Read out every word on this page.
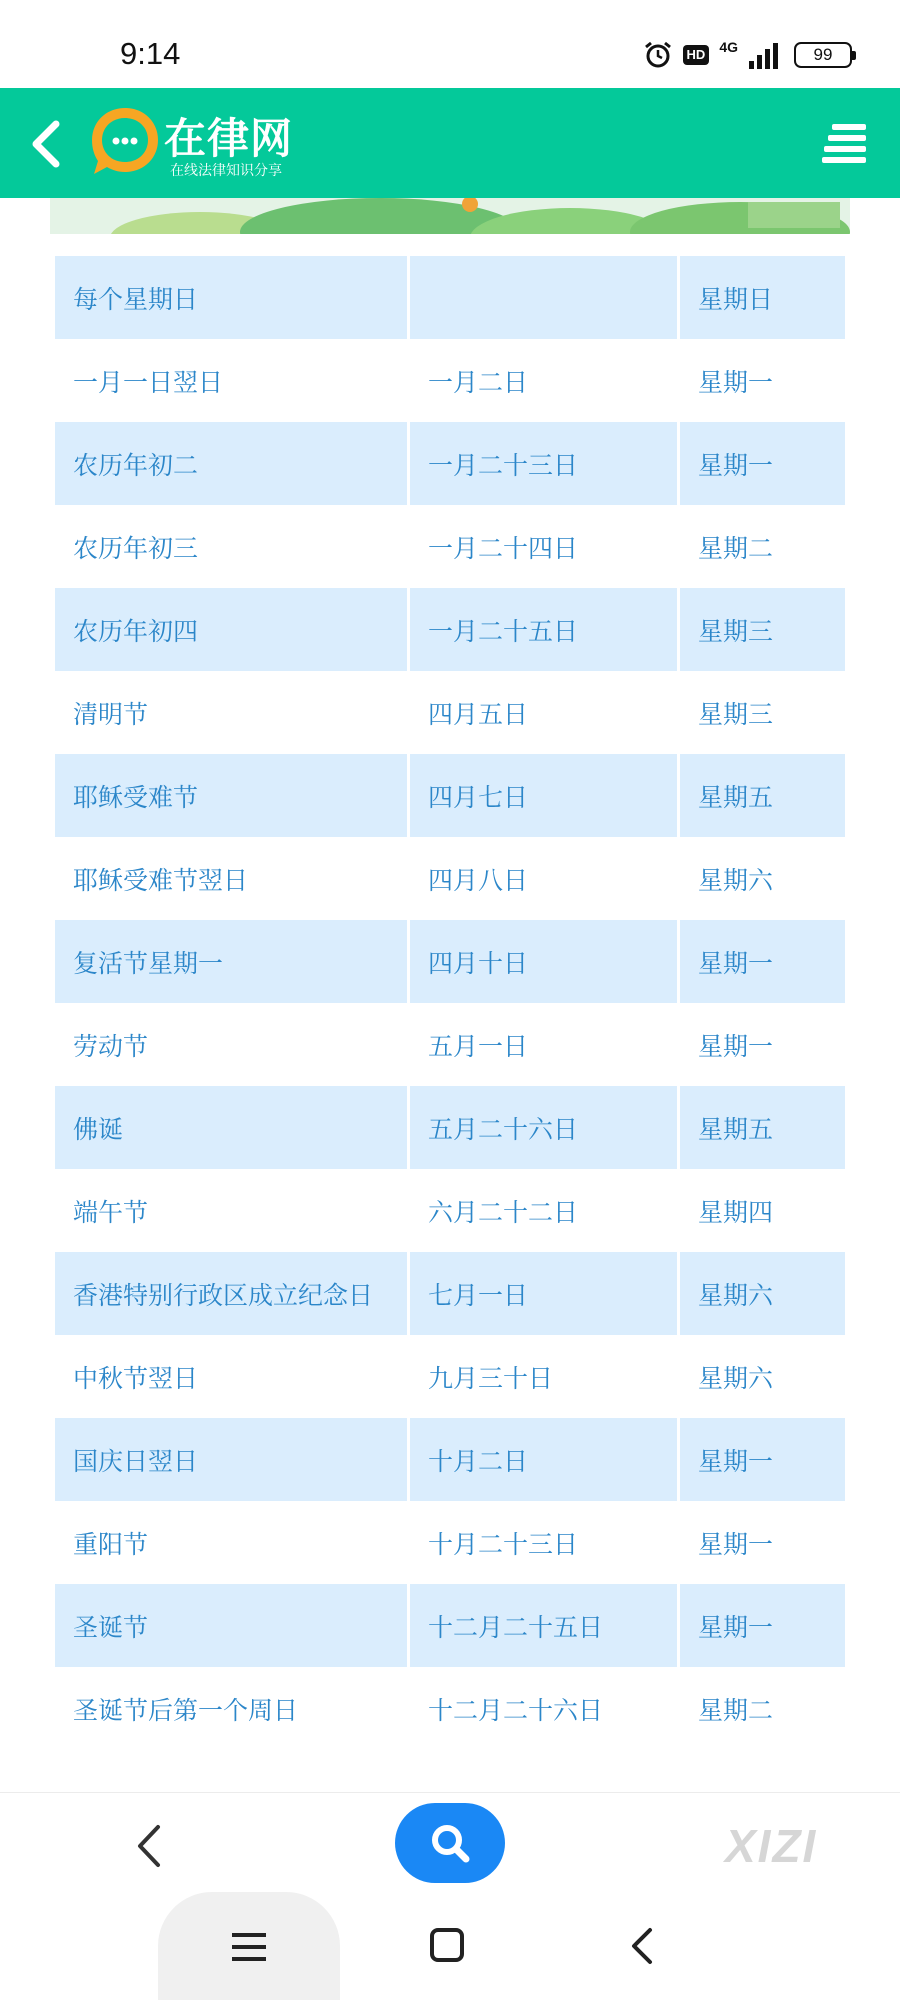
9:14	HD 4G	99
在律网
在线法律知识分享
每个星期日		星期日
一月一日翌日	一月二日	星期一
农历年初二	一月二十三日	星期一
农历年初三	一月二十四日	星期二
农历年初四	一月二十五日	星期三
清明节	四月五日	星期三
耶稣受难节	四月七日	星期五
耶稣受难节翌日	四月八日	星期六
复活节星期一	四月十日	星期一
劳动节	五月一日	星期一
佛诞	五月二十六日	星期五
端午节	六月二十二日	星期四
香港特别行政区成立纪念日	七月一日	星期六
中秋节翌日	九月三十日	星期六
国庆日翌日	十月二日	星期一
重阳节	十月二十三日	星期一
圣诞节	十二月二十五日	星期一
圣诞节后第一个周日	十二月二十六日	星期二
XIZI
